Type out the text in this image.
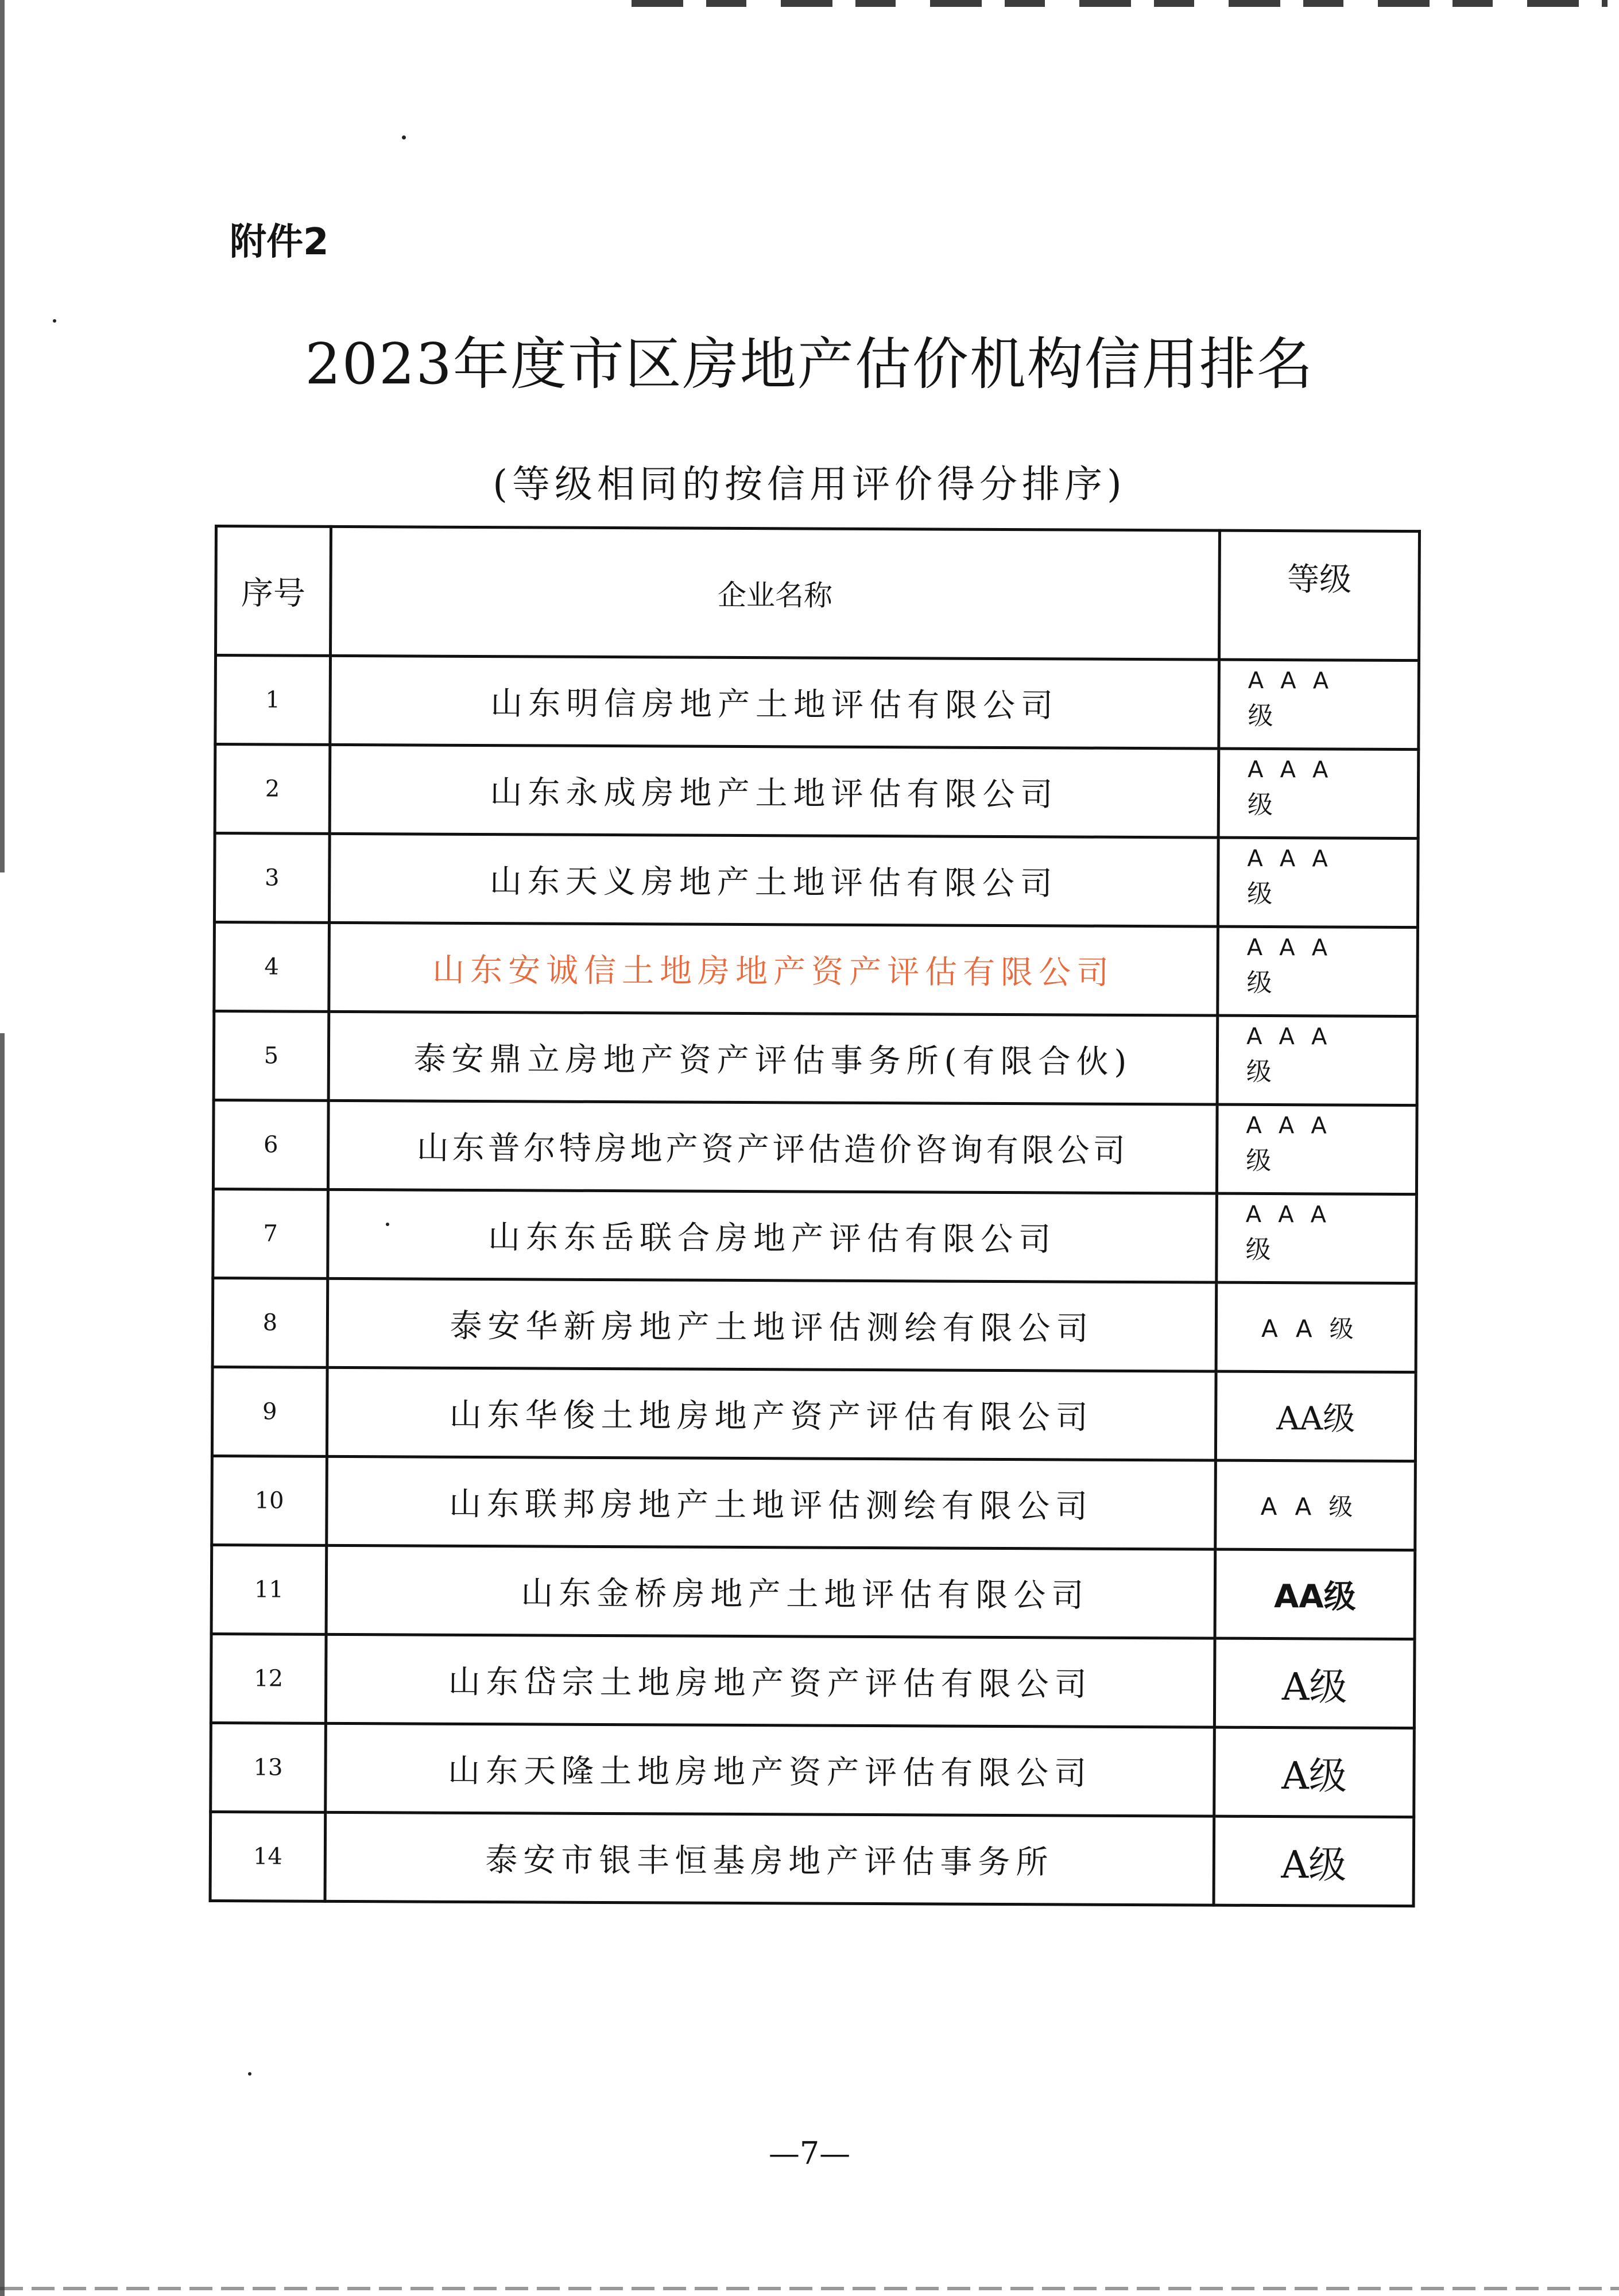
附件2
2023年度市区房地产估价机构信用排名
(等级相同的按信用评价得分排序)
序号	企业名称	等级
1	山东明信房地产土地评估有限公司	AAA
级

2	山东永成房地产土地评估有限公司	AAA
级

3	山东天义房地产土地评估有限公司	AAA
级

4	山东安诚信土地房地产资产评估有限公司	AAA
级

5	泰安鼎立房地产资产评估事务所(有限合伙)	AAA
级

6	山东普尔特房地产资产评估造价咨询有限公司	AAA
级

7	山东东岳联合房地产评估有限公司	AAA
级

8	泰安华新房地产土地评估测绘有限公司	AA级
9	山东华俊土地房地产资产评估有限公司	AA级
10	山东联邦房地产土地评估测绘有限公司	AA级
11	山东金桥房地产土地评估有限公司	AA级
12	山东岱宗土地房地产资产评估有限公司	A级
13	山东天隆土地房地产资产评估有限公司	A级
14	泰安市银丰恒基房地产评估事务所	A级
—7—
